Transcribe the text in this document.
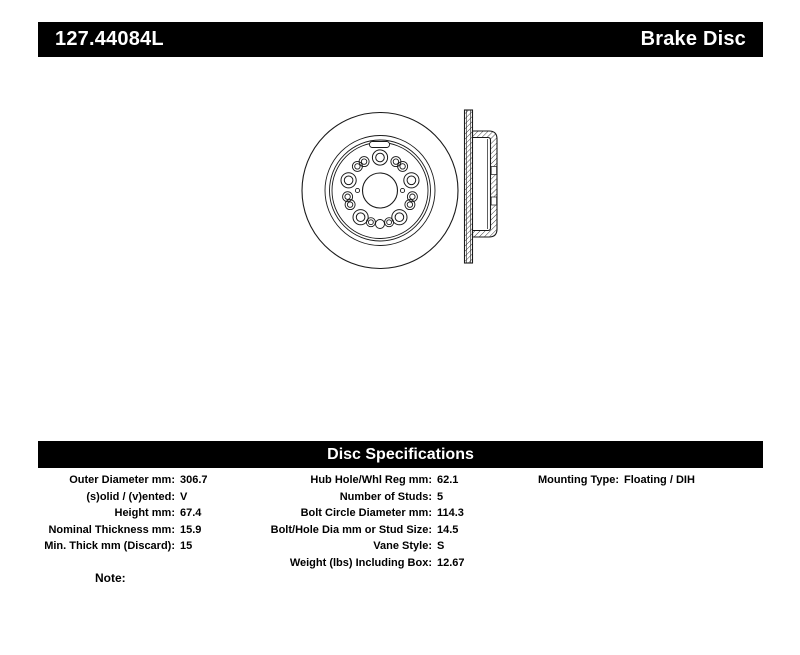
127.44084L	Brake Disc
Disc Specifications
Outer Diameter mm: 306.7
(s)olid / (v)ented: V
Height mm: 67.4
Nominal Thickness mm: 15.9
Min. Thick mm (Discard): 15
Hub Hole/Whl Reg mm: 62.1
Number of Studs: 5
Bolt Circle Diameter mm: 114.3
Bolt/Hole Dia mm or Stud Size: 14.5
Vane Style: S
Weight (lbs) Including Box: 12.67
Mounting Type: Floating / DIH
Note:
